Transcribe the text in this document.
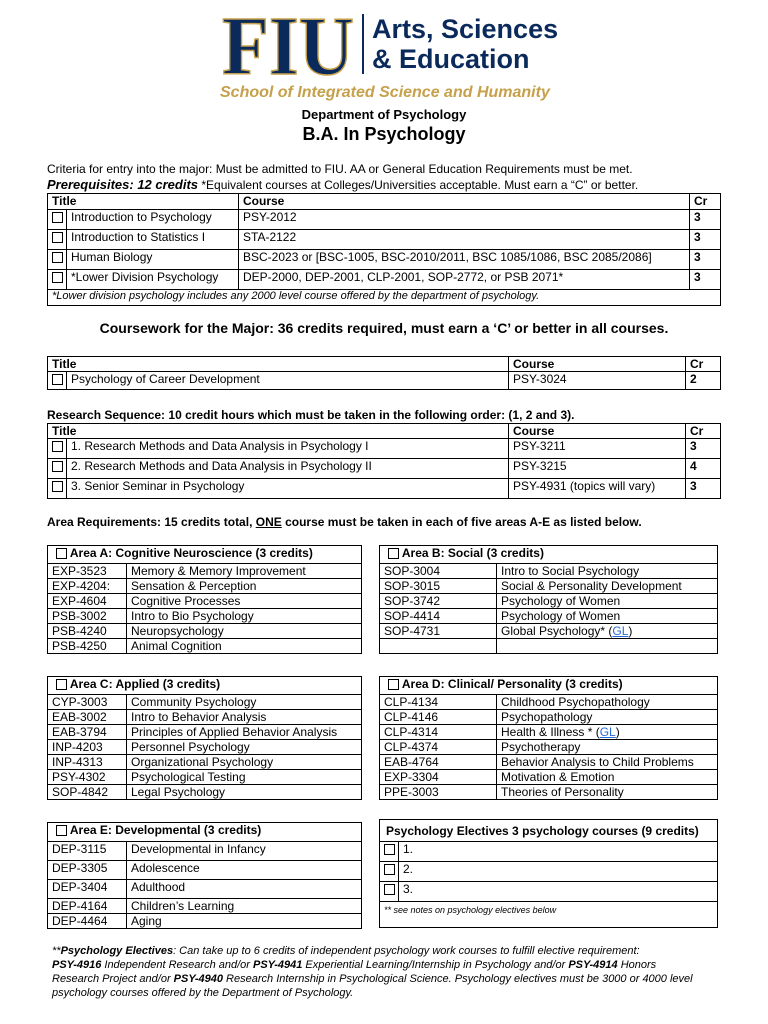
FIU Arts, Sciences
& Education
School of Integrated Science and Humanity
Department of Psychology
B.A. In Psychology
Criteria for entry into the major: Must be admitted to FIU. AA or General Education Requirements must be met.
Prerequisites: 12 credits *Equivalent courses at Colleges/Universities acceptable. Must earn a “C” or better.
Title		Course	Cr
	Introduction to Psychology	PSY-2012	3
	Introduction to Statistics I	STA-2122	3
	Human Biology	BSC-2023 or [BSC-1005, BSC-2010/2011, BSC 1085/1086, BSC 2085/2086]	3
	*Lower Division Psychology	DEP-2000, DEP-2001, CLP-2001, SOP-2772, or PSB 2071*	3
*Lower division psychology includes any 2000 level course offered by the department of psychology.			
Coursework for the Major: 36 credits required, must earn a ‘C’ or better in all courses.
Title		Course	Cr
	Psychology of Career Development	PSY-3024	2
Research Sequence: 10 credit hours which must be taken in the following order: (1, 2 and 3).
Title		Course	Cr
	1. Research Methods and Data Analysis in Psychology I	PSY-3211	3
	2. Research Methods and Data Analysis in Psychology II	PSY-3215	4
	3. Senior Seminar in Psychology	PSY-4931 (topics will vary)	3
Area Requirements: 15 credits total, ONE course must be taken in each of five areas A-E as listed below.
Area A: Cognitive Neuroscience (3 credits)	
EXP-3523	Memory & Memory Improvement
EXP-4204:	Sensation & Perception
EXP-4604	Cognitive Processes
PSB-3002	Intro to Bio Psychology
PSB-4240	Neuropsychology
PSB-4250	Animal Cognition
Area B: Social (3 credits)	
SOP-3004	Intro to Social Psychology
SOP-3015	Social & Personality Development
SOP-3742	Psychology of Women
SOP-4414	Psychology of Women
SOP-4731	Global Psychology* (GL)

Area C: Applied (3 credits)	
CYP-3003	Community Psychology
EAB-3002	Intro to Behavior Analysis
EAB-3794	Principles of Applied Behavior Analysis
INP-4203	Personnel Psychology
INP-4313	Organizational Psychology
PSY-4302	Psychological Testing
SOP-4842	Legal Psychology
Area D: Clinical/ Personality (3 credits)	
CLP-4134	Childhood Psychopathology
CLP-4146	Psychopathology
CLP-4314	Health & Illness * (GL)
CLP-4374	Psychotherapy
EAB-4764	Behavior Analysis to Child Problems
EXP-3304	Motivation & Emotion
PPE-3003	Theories of Personality
Area E: Developmental (3 credits)	
DEP-3115	Developmental in Infancy
DEP-3305	Adolescence
DEP-3404	Adulthood
DEP-4164	Children’s Learning
DEP-4464	Aging
Psychology Electives 3 psychology courses (9 credits)	
	1.
	2.
	3.
** see notes on psychology electives below	
**Psychology Electives: Can take up to 6 credits of independent psychology work courses to fulfill elective requirement:
PSY-4916 Independent Research and/or PSY-4941 Experiential Learning/Internship in Psychology and/or PSY-4914 Honors
Research Project and/or PSY-4940 Research Internship in Psychological Science. Psychology electives must be 3000 or 4000 level
psychology courses offered by the Department of Psychology.
